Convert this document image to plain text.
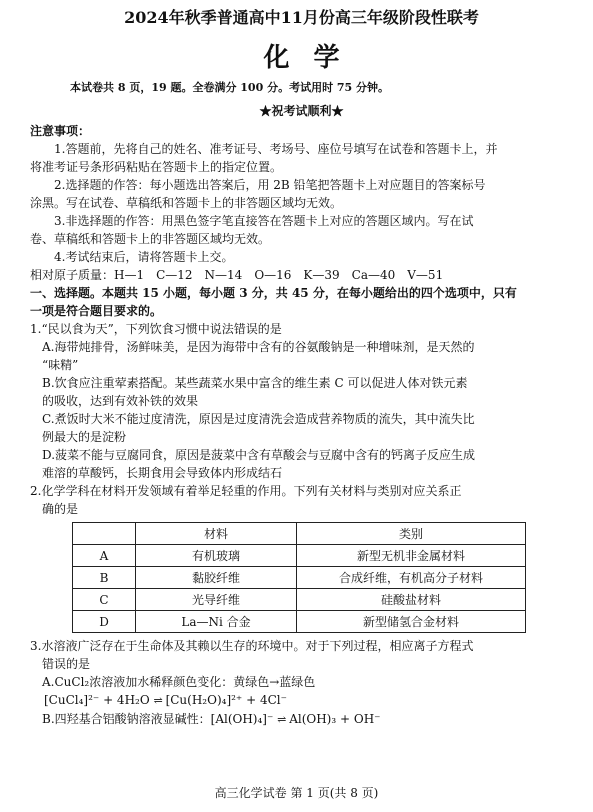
2024年秋季普通高中11月份高三年级阶段性联考
化学
本试卷共 8 页，19 题。全卷满分 100 分。考试用时 75 分钟。
★祝考试顺利★
注意事项：

1.答题前，先将自己的姓名、准考证号、考场号、座位号填写在试卷和答题卡上，并

将准考证号条形码粘贴在答题卡上的指定位置。

2.选择题的作答：每小题选出答案后，用 2B 铅笔把答题卡上对应题目的答案标号

涂黑。写在试卷、草稿纸和答题卡上的非答题区域均无效。

3.非选择题的作答：用黑色签字笔直接答在答题卡上对应的答题区域内。写在试

卷、草稿纸和答题卡上的非答题区域均无效。

4.考试结束后，请将答题卡上交。

相对原子质量：H—1　C—12　N—14　O—16　K—39　Ca—40　V—51

一、选择题。本题共 15 小题，每小题 3 分，共 45 分，在每小题给出的四个选项中，只有

一项是符合题目要求的。

1.“民以食为天”，下列饮食习惯中说法错误的是

A.海带炖排骨，汤鲜味美，是因为海带中含有的谷氨酸钠是一种增味剂，是天然的

“味精”

B.饮食应注重荤素搭配。某些蔬菜水果中富含的维生素 C 可以促进人体对铁元素

的吸收，达到有效补铁的效果

C.煮饭时大米不能过度清洗，原因是过度清洗会造成营养物质的流失，其中流失比

例最大的是淀粉

D.菠菜不能与豆腐同食，原因是菠菜中含有草酸会与豆腐中含有的钙离子反应生成

难溶的草酸钙，长期食用会导致体内形成结石

2.化学学科在材料开发领域有着举足轻重的作用。下列有关材料与类别对应关系正

确的是

	材料	类别
A	有机玻璃	新型无机非金属材料
B	黏胶纤维	合成纤维，有机高分子材料
C	光导纤维	硅酸盐材料
D	La—Ni 合金	新型储氢合金材料

3.水溶液广泛存在于生命体及其赖以生存的环境中。对于下列过程，相应离子方程式

错误的是

A.CuCl₂浓溶液加水稀释颜色变化：黄绿色→蓝绿色

[CuCl₄]²⁻ + 4H₂O ⇌ [Cu(H₂O)₄]²⁺ + 4Cl⁻

B.四羟基合铝酸钠溶液显碱性：[Al(OH)₄]⁻ ⇌ Al(OH)₃ + OH⁻

高三化学试卷 第 1 页(共 8 页)
